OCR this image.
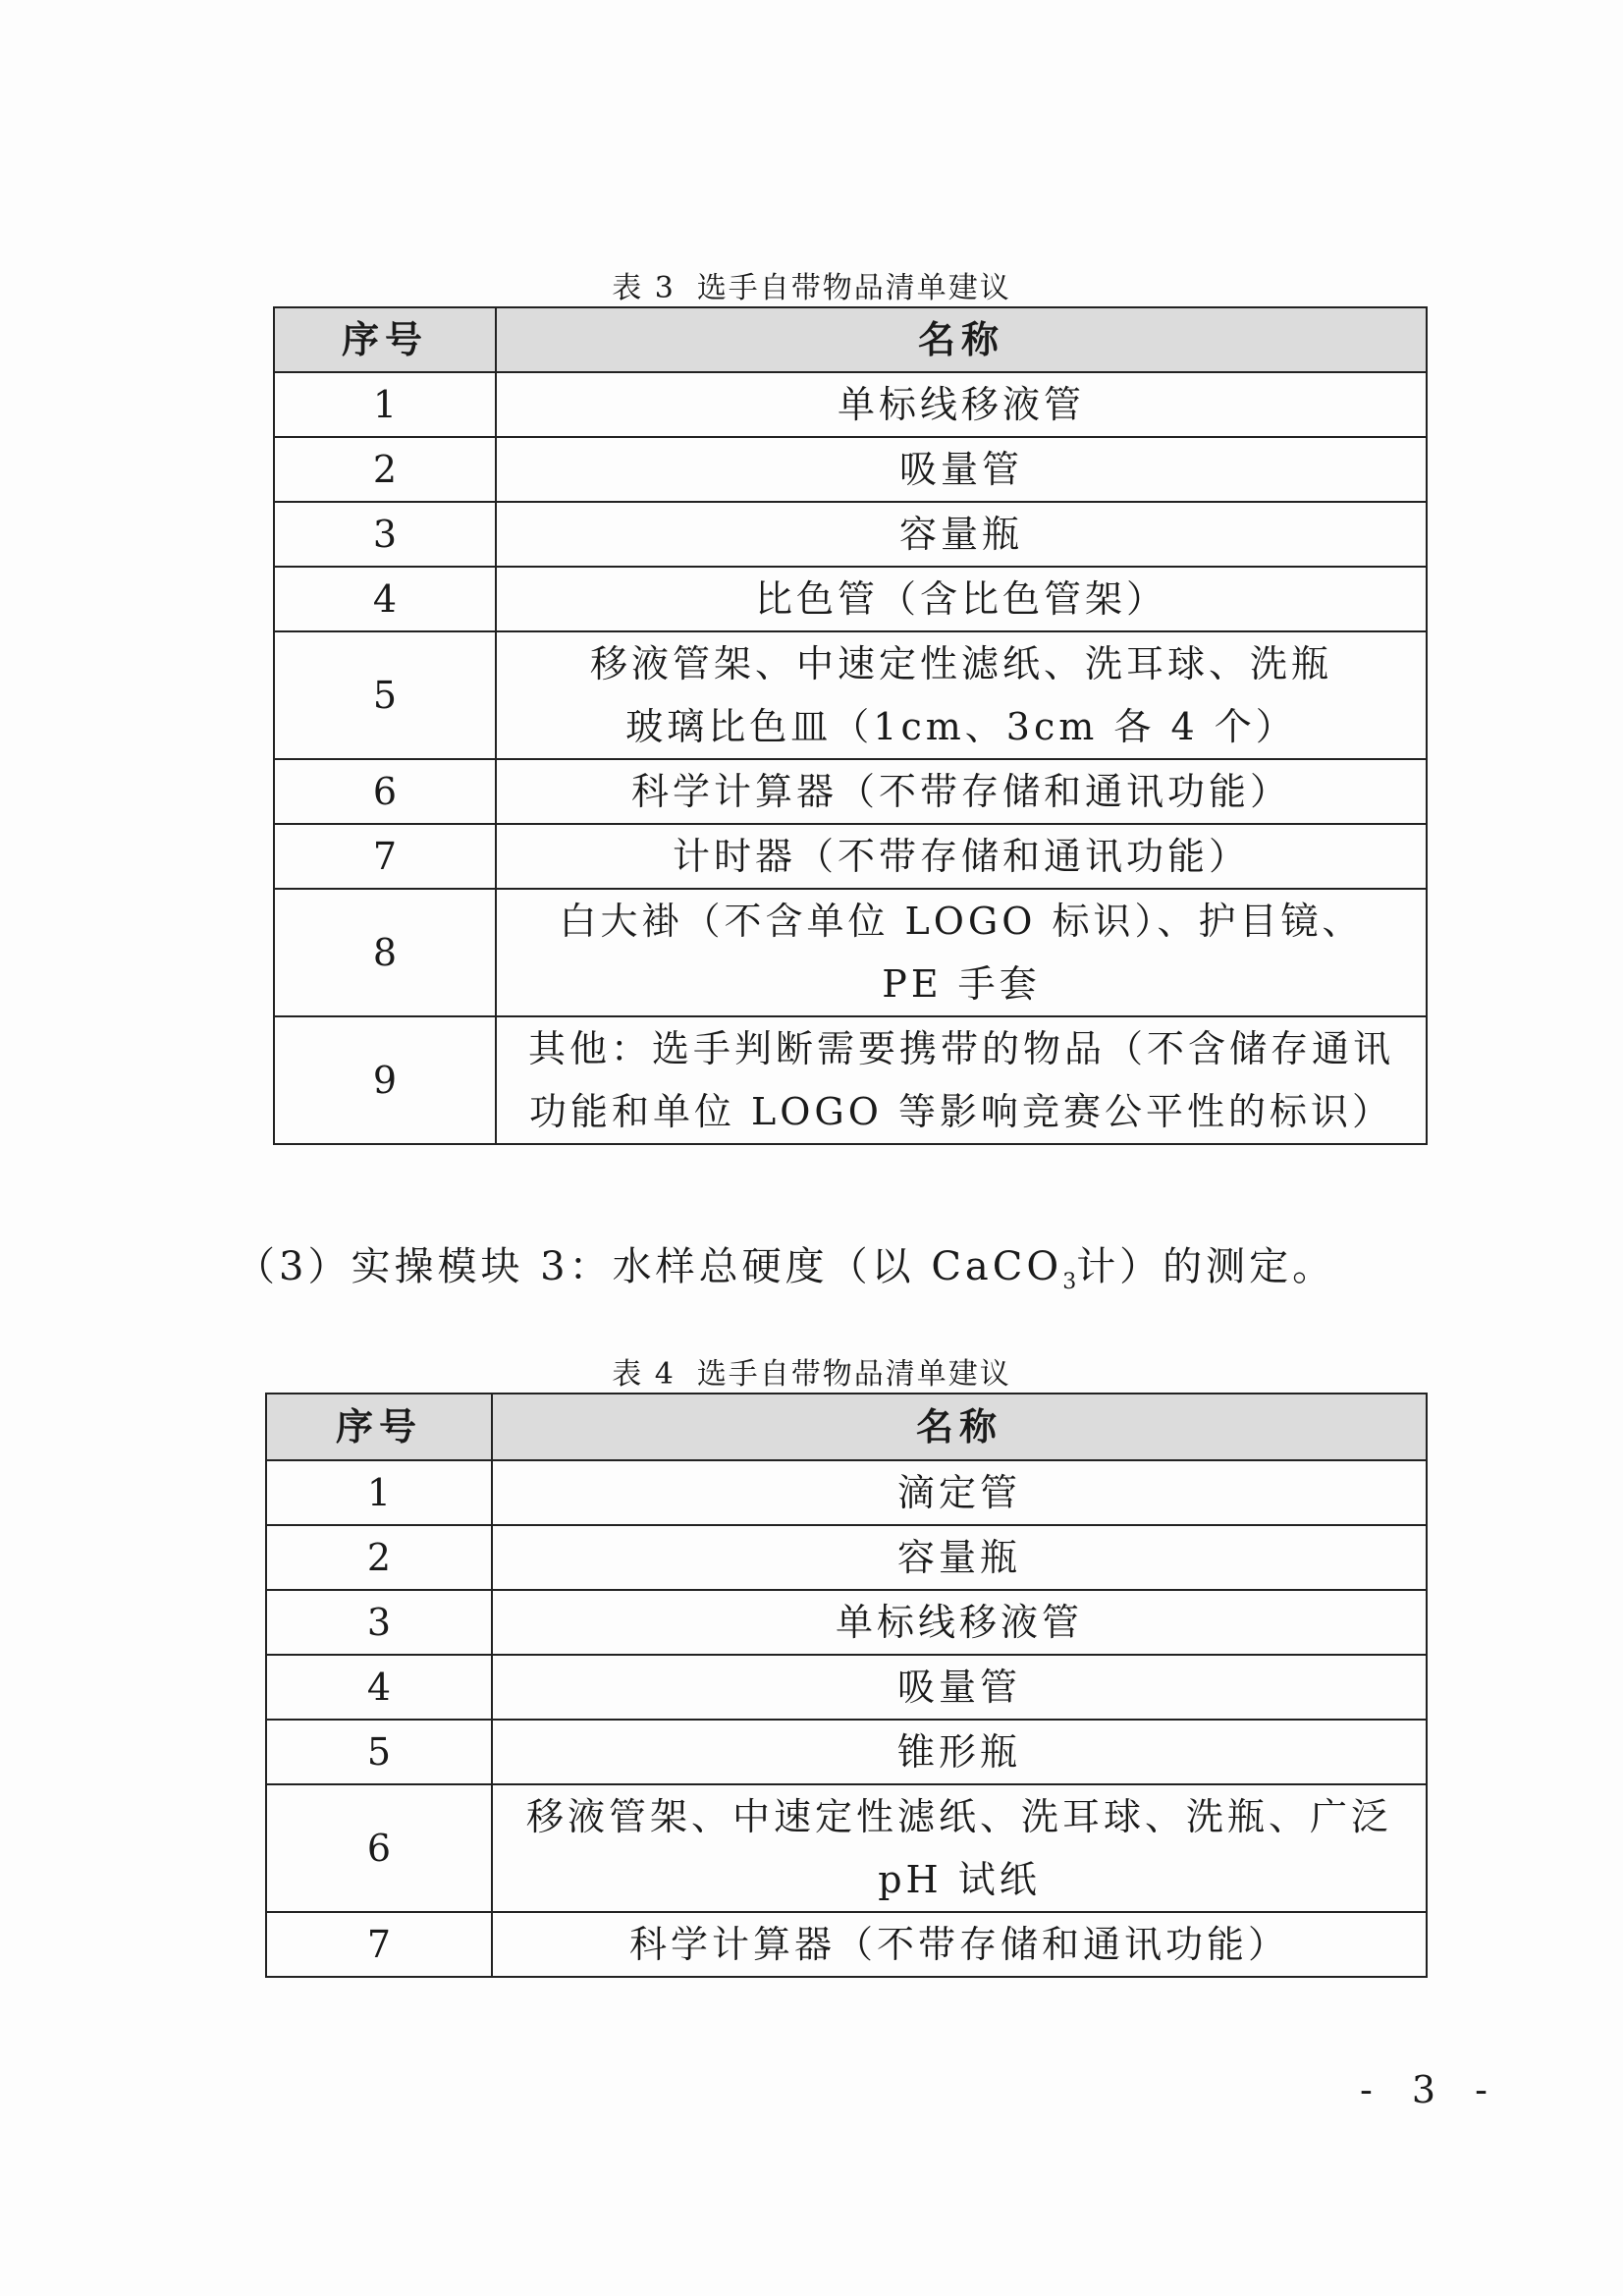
表 3 选手自带物品清单建议
序号	名称
1	单标线移液管

2	吸量管

3	容量瓶

4	比色管（含比色管架）

5	移液管架、中速定性滤纸、洗耳球、洗瓶
玻璃比色皿（1cm、3cm 各 4 个）

6	科学计算器（不带存储和通讯功能）

7	计时器（不带存储和通讯功能）

8	白大褂（不含单位 LOGO 标识）、护目镜、
PE 手套

9	其他：选手判断需要携带的物品（不含储存通讯
功能和单位 LOGO 等影响竞赛公平性的标识）
（3）实操模块 3：水样总硬度（以 CaCO$_3$计）的测定。
表 4 选手自带物品清单建议
序号	名称
1	滴定管

2	容量瓶

3	单标线移液管

4	吸量管

5	锥形瓶

6	移液管架、中速定性滤纸、洗耳球、洗瓶、广泛
pH 试纸

7	科学计算器（不带存储和通讯功能）
- 3 -
